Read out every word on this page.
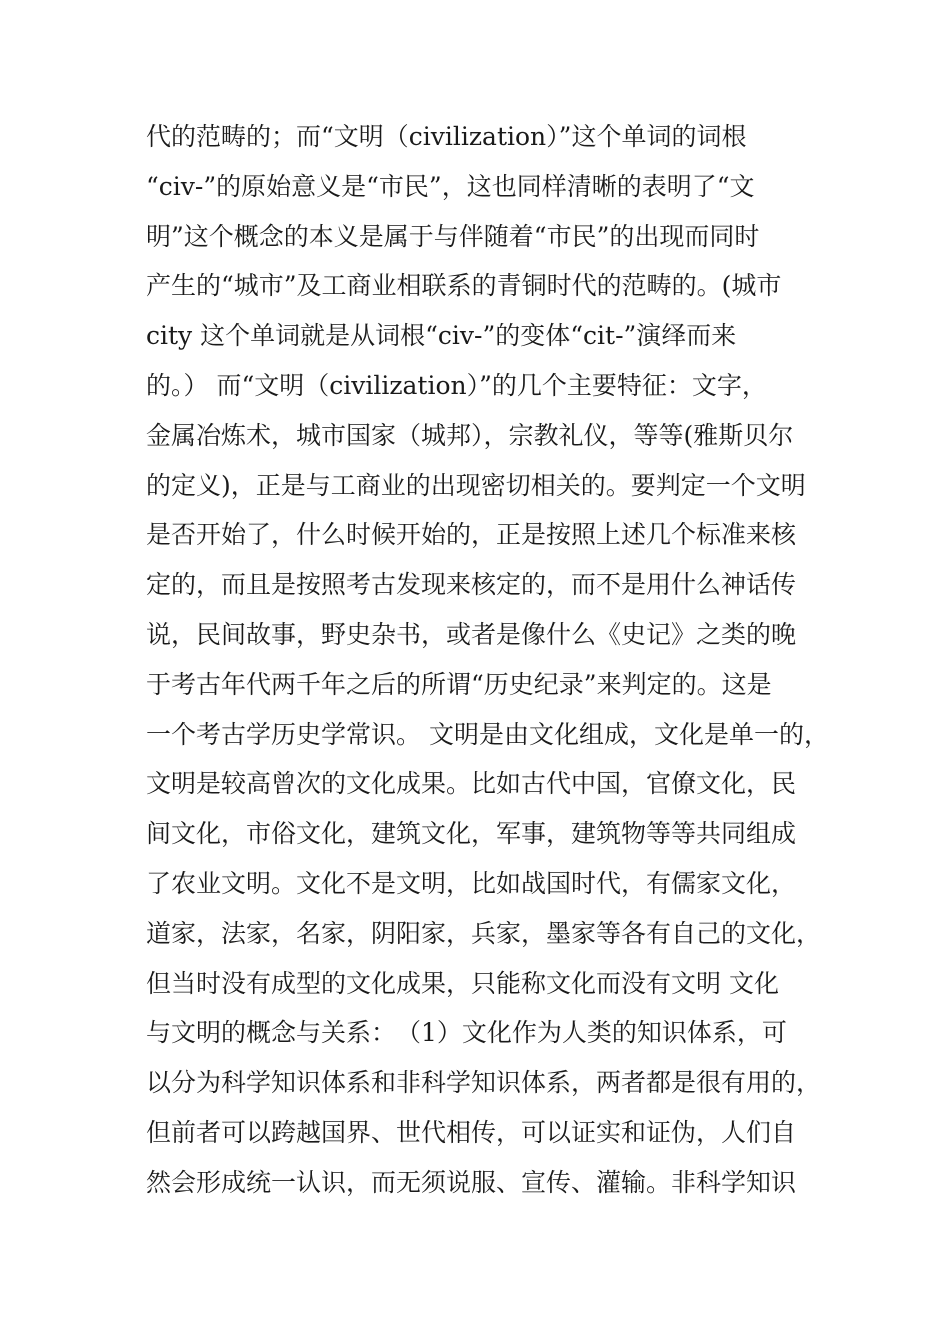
代的范畴的；而“文明（civilization）”这个单词的词根
“civ-”的原始意义是“市民”，这也同样清晰的表明了“文
明”这个概念的本义是属于与伴随着“市民”的出现而同时
产生的“城市”及工商业相联系的青铜时代的范畴的。(城市
city 这个单词就是从词根“civ-”的变体“cit-”演绎而来
的。） 而“文明（civilization）”的几个主要特征：文字，
金属冶炼术，城市国家（城邦），宗教礼仪，等等(雅斯贝尔
的定义)，正是与工商业的出现密切相关的。要判定一个文明
是否开始了，什么时候开始的，正是按照上述几个标准来核
定的，而且是按照考古发现来核定的，而不是用什么神话传
说，民间故事，野史杂书，或者是像什么《史记》之类的晚
于考古年代两千年之后的所谓“历史纪录”来判定的。这是
一个考古学历史学常识。 文明是由文化组成，文化是单一的，
文明是较高曾次的文化成果。比如古代中国，官僚文化，民
间文化，市俗文化，建筑文化，军事，建筑物等等共同组成
了农业文明。文化不是文明，比如战国时代，有儒家文化，
道家，法家，名家，阴阳家，兵家，墨家等各有自己的文化，
但当时没有成型的文化成果，只能称文化而没有文明 文化
与文明的概念与关系：　（1）文化作为人类的知识体系，可
以分为科学知识体系和非科学知识体系，两者都是很有用的，
但前者可以跨越国界、世代相传，可以证实和证伪，人们自
然会形成统一认识，而无须说服、宣传、灌输。非科学知识
